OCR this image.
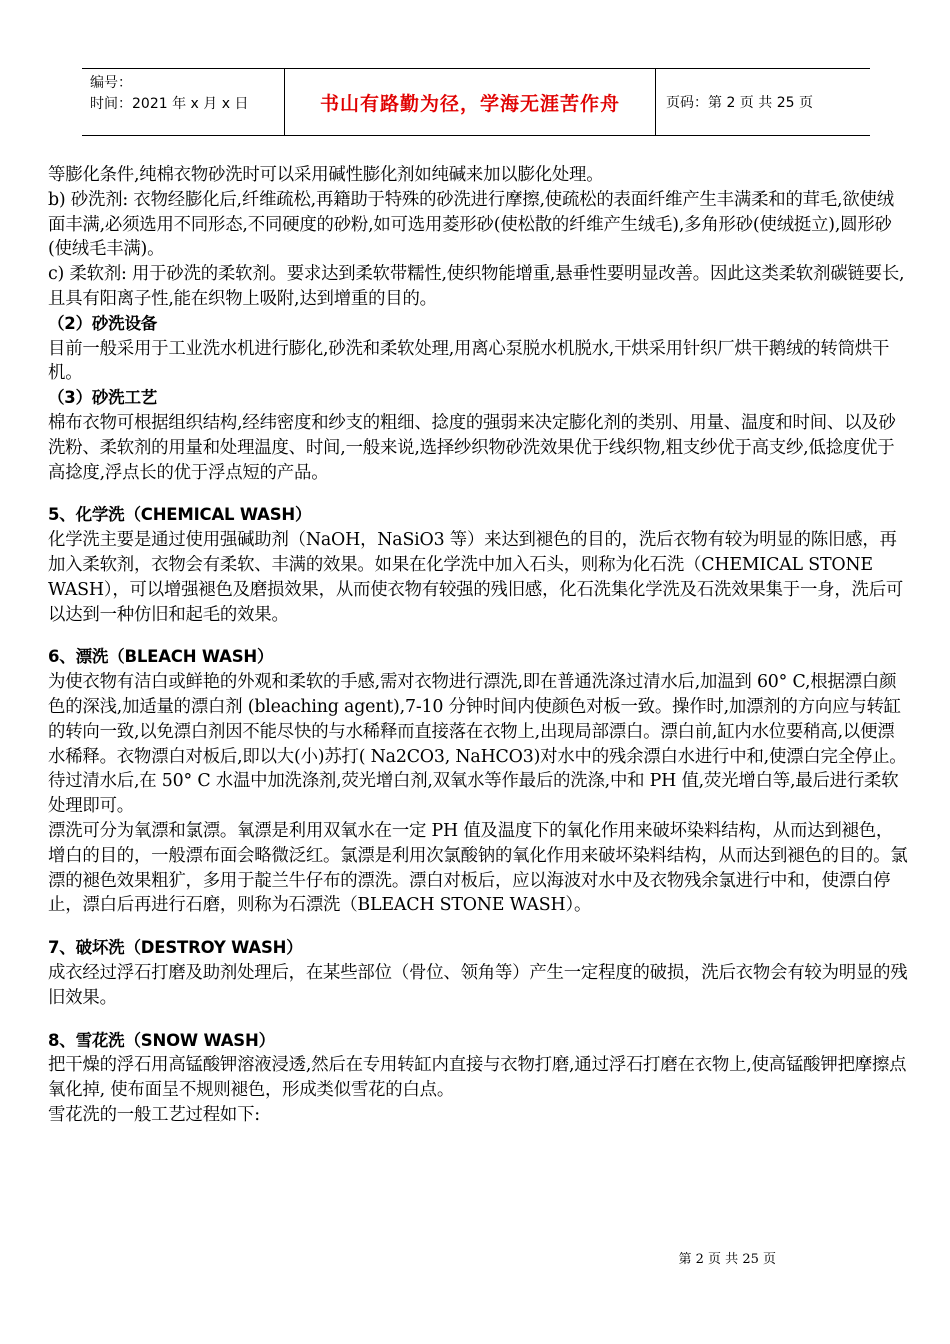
编号：
时间：2021 年 x 月 x 日	书山有路勤为径，学海无涯苦作舟	页码：第 2 页 共 25 页

等膨化条件,纯棉衣物砂洗时可以采用碱性膨化剂如纯碱来加以膨化处理。

b) 砂洗剂: 衣物经膨化后,纤维疏松,再籍助于特殊的砂洗进行摩擦,使疏松的表面纤维产生丰满柔和的茸毛,欲使绒面丰满,必须选用不同形态,不同硬度的砂粉,如可选用菱形砂(使松散的纤维产生绒毛),多角形砂(使绒挺立),圆形砂(使绒毛丰满)。

c) 柔软剂: 用于砂洗的柔软剂。要求达到柔软带糯性,使织物能增重,悬垂性要明显改善。因此这类柔软剂碳链要长,且具有阳离子性,能在织物上吸附,达到增重的目的。

（2）砂洗设备

目前一般采用于工业洗水机进行膨化,砂洗和柔软处理,用离心泵脱水机脱水,干烘采用针织厂烘干鹅绒的转筒烘干机。

（3）砂洗工艺

棉布衣物可根据组织结构,经纬密度和纱支的粗细、捻度的强弱来决定膨化剂的类别、用量、温度和时间、以及砂洗粉、柔软剂的用量和处理温度、时间,一般来说,选择纱织物砂洗效果优于线织物,粗支纱优于高支纱,低捻度优于高捻度,浮点长的优于浮点短的产品。

5、化学洗（CHEMICAL WASH）

化学洗主要是通过使用强碱助剂（NaOH，NaSiO3 等）来达到褪色的目的，洗后衣物有较为明显的陈旧感，再加入柔软剂，衣物会有柔软、丰满的效果。如果在化学洗中加入石头，则称为化石洗（CHEMICAL STONE WASH），可以增强褪色及磨损效果，从而使衣物有较强的残旧感，化石洗集化学洗及石洗效果集于一身，洗后可以达到一种仿旧和起毛的效果。

6、漂洗（BLEACH WASH）

为使衣物有洁白或鲜艳的外观和柔软的手感,需对衣物进行漂洗,即在普通洗涤过清水后,加温到 60° C,根据漂白颜色的深浅,加适量的漂白剂 (bleaching agent),7-10 分钟时间内使颜色对板一致。操作时,加漂剂的方向应与转缸的转向一致,以免漂白剂因不能尽快的与水稀释而直接落在衣物上,出现局部漂白。漂白前,缸内水位要稍高,以便漂水稀释。衣物漂白对板后,即以大(小)苏打( Na2CO3, NaHCO3)对水中的残余漂白水进行中和,使漂白完全停止。待过清水后,在 50° C 水温中加洗涤剂,荧光增白剂,双氧水等作最后的洗涤,中和 PH 值,荧光增白等,最后进行柔软处理即可。

漂洗可分为氧漂和氯漂。氧漂是利用双氧水在一定 PH 值及温度下的氧化作用来破坏染料结构，从而达到褪色，增白的目的，一般漂布面会略微泛红。氯漂是利用次氯酸钠的氧化作用来破坏染料结构，从而达到褪色的目的。氯漂的褪色效果粗犷，多用于靛兰牛仔布的漂洗。漂白对板后，应以海波对水中及衣物残余氯进行中和，使漂白停止，漂白后再进行石磨，则称为石漂洗（BLEACH STONE WASH）。

7、破坏洗（DESTROY WASH）

成衣经过浮石打磨及助剂处理后，在某些部位（骨位、领角等）产生一定程度的破损，洗后衣物会有较为明显的残旧效果。

8、雪花洗（SNOW WASH）

把干燥的浮石用高锰酸钾溶液浸透,然后在专用转缸内直接与衣物打磨,通过浮石打磨在衣物上,使高锰酸钾把摩擦点氧化掉, 使布面呈不规则褪色，形成类似雪花的白点。

雪花洗的一般工艺过程如下:

第 2 页 共 25 页
